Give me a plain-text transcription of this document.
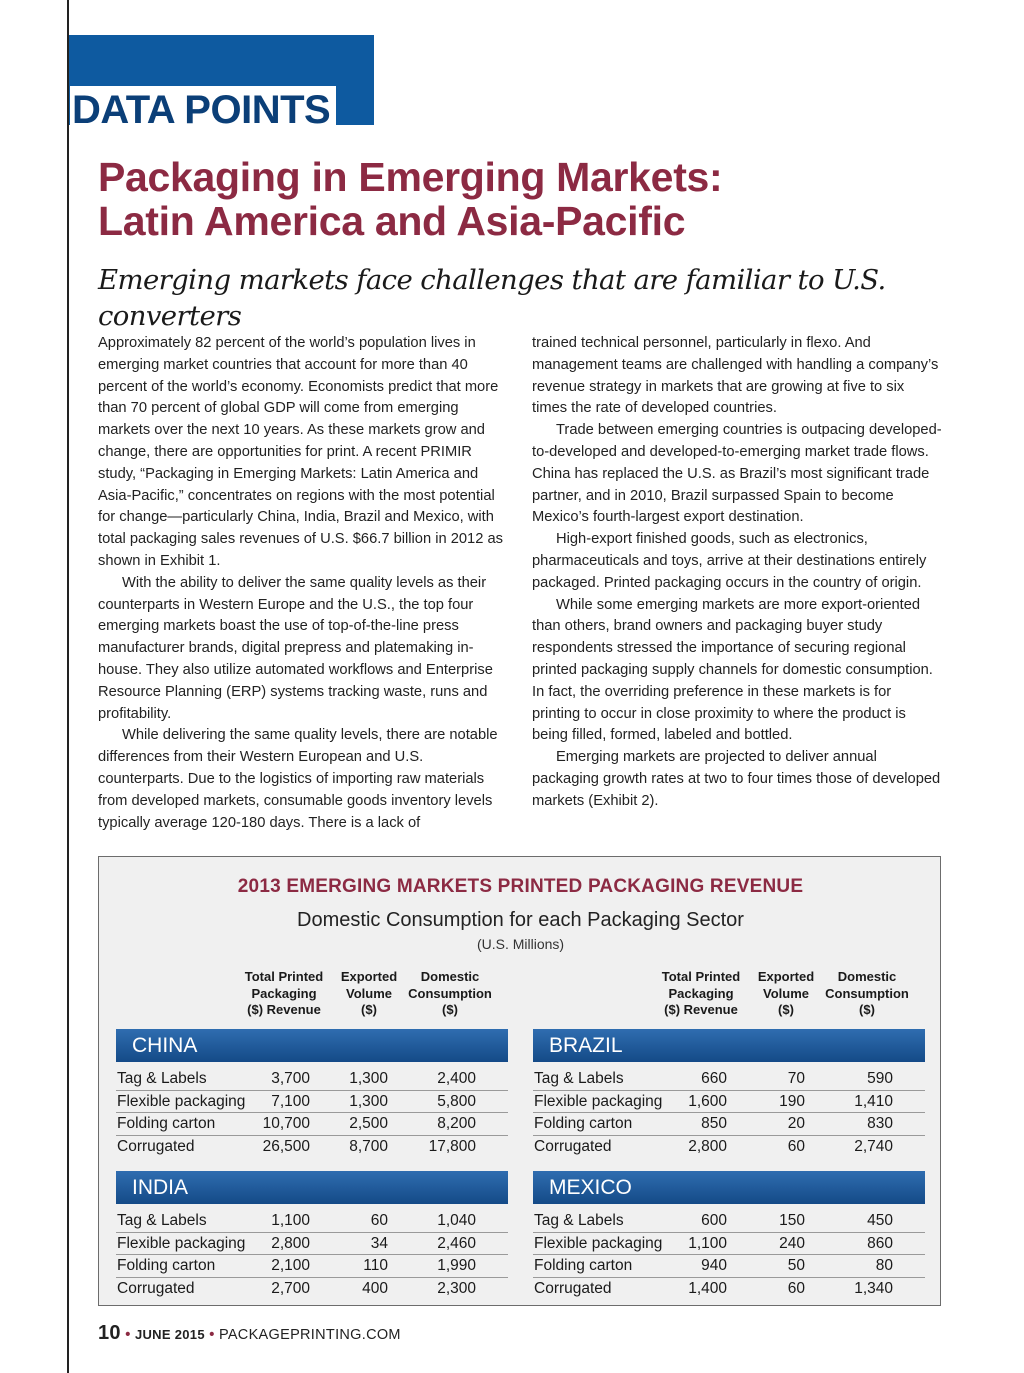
DATA POINTS
Packaging in Emerging Markets:
Latin America and Asia-Pacific

Emerging markets face challenges that are familiar to U.S. converters

Approximately 82 percent of the world’s population lives in emerging market countries that account for more than 40 percent of the world’s economy. Economists predict that more than 70 percent of global GDP will come from emerging markets over the next 10 years. As these markets grow and change, there are opportunities for print. A recent PRIMIR study, “Packaging in Emerging Markets: Latin America and Asia-Pacific,” concentrates on regions with the most potential for change—particularly China, India, Brazil and Mexico, with total packaging sales revenues of U.S. $66.7 billion in 2012 as shown in Exhibit 1.

With the ability to deliver the same quality levels as their counterparts in Western Europe and the U.S., the top four emerging markets boast the use of top-of-the-line press manufacturer brands, digital prepress and platemaking in-house. They also utilize automated workflows and Enterprise Resource Planning (ERP) systems tracking waste, runs and profitability.

While delivering the same quality levels, there are notable differences from their Western European and U.S. counterparts. Due to the logistics of importing raw materials from developed markets, consumable goods inventory levels typically average 120-180 days. There is a lack of

trained technical personnel, particularly in flexo. And management teams are challenged with handling a company’s revenue strategy in markets that are growing at five to six times the rate of developed countries.

Trade between emerging countries is outpacing developed-to-developed and developed-to-emerging market trade flows. China has replaced the U.S. as Brazil’s most significant trade partner, and in 2010, Brazil surpassed Spain to become Mexico’s fourth-largest export destination.

High-export finished goods, such as electronics, pharmaceuticals and toys, arrive at their destinations entirely packaged. Printed packaging occurs in the country of origin.

While some emerging markets are more export-oriented than others, brand owners and packaging buyer study respondents stressed the importance of securing regional printed packaging supply channels for domestic consumption. In fact, the overriding preference in these markets is for printing to occur in close proximity to where the product is being filled, formed, labeled and bottled.

Emerging markets are projected to deliver annual packaging growth rates at two to four times those of developed markets (Exhibit 2).

2013 EMERGING MARKETS PRINTED PACKAGING REVENUE
Domestic Consumption for each Packaging Sector
(U.S. Millions)
Total Printed
Packaging
($) Revenue
Exported
Volume
($)
Domestic
Consumption
($)
CHINA
Tag & Labels	3,700	1,300	2,400
Flexible packaging 7,100	1,300	5,800
Folding carton	10,700	2,500	8,200
Corrugated	26,500	8,700	17,800
Total Printed
Packaging
($) Revenue
Exported
Volume
($)
Domestic
Consumption
($)
BRAZIL
Tag & Labels	660	70	590
Flexible packaging 1,600	190	1,410
Folding carton	850	20	830
Corrugated	2,800	60	2,740
INDIA
Tag & Labels	1,100	60	1,040
Flexible packaging 2,800	34	2,460
Folding carton	2,100	110	1,990
Corrugated	2,700	400	2,300
MEXICO
Tag & Labels	600	150	450
Flexible packaging 1,100	240	860
Folding carton	940	50	80
Corrugated	1,400	60	1,340
10 • JUNE 2015 • PACKAGEPRINTING.COM
